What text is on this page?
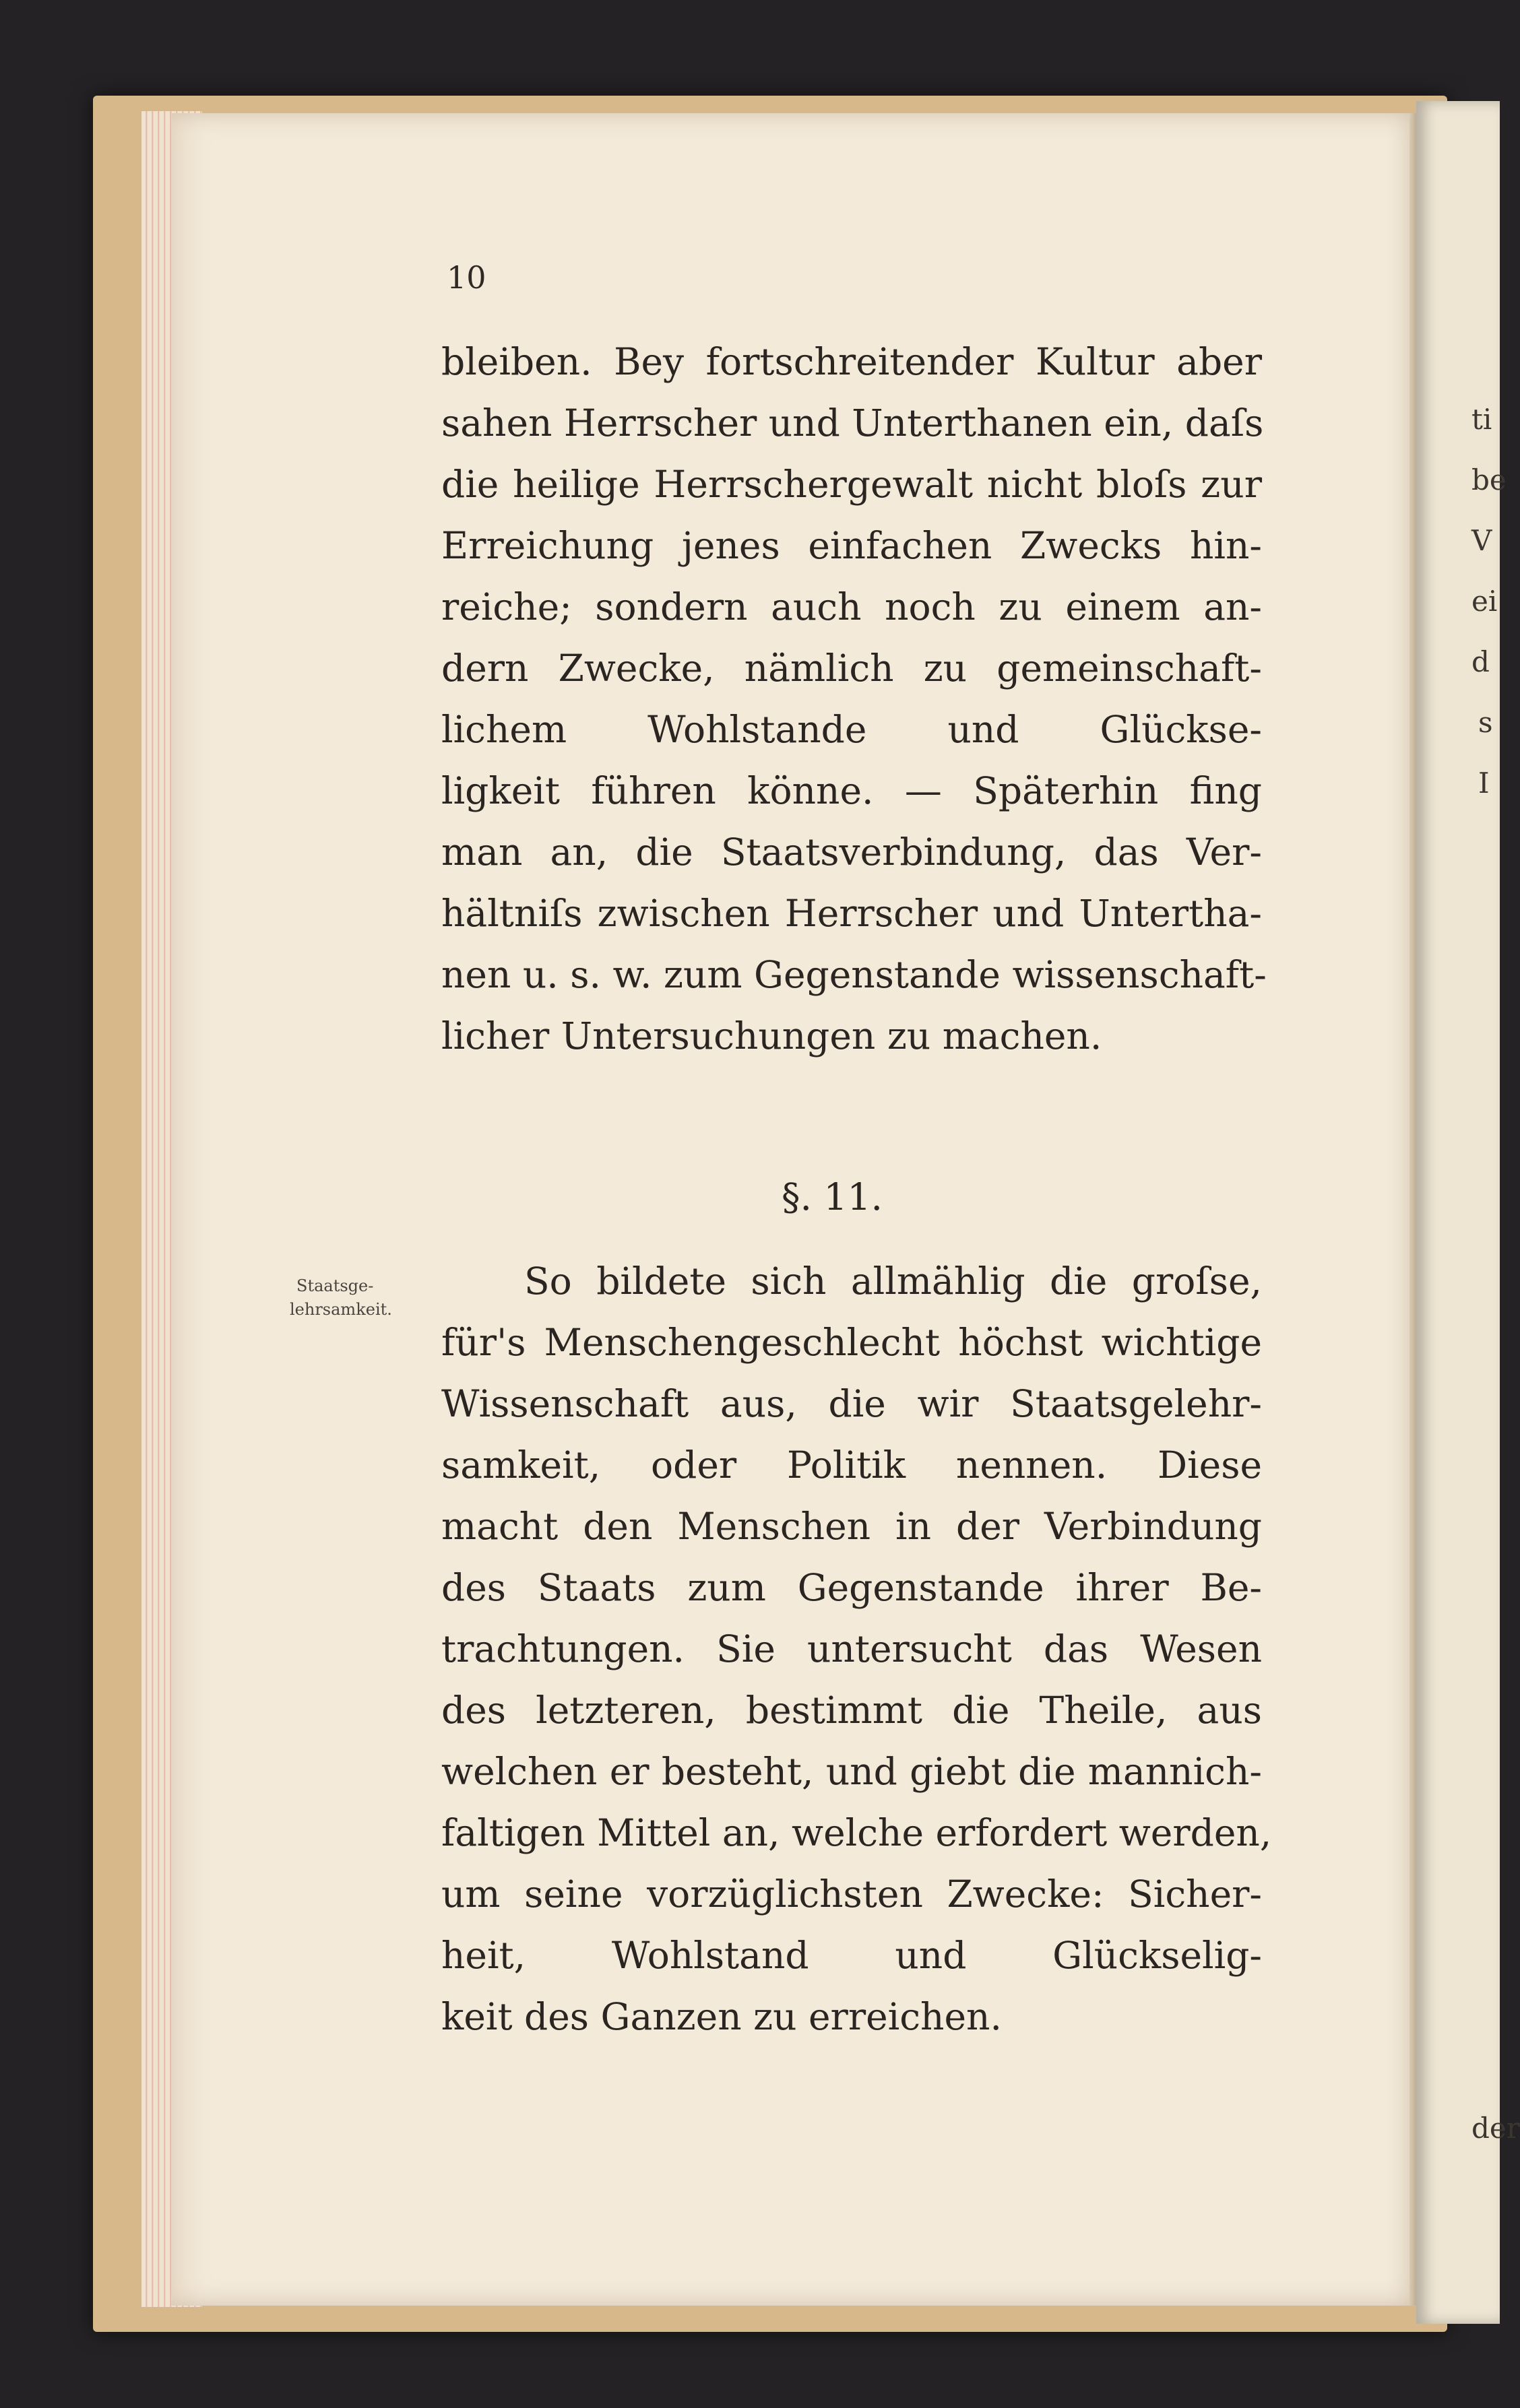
ti
be
V
ei
d
s
I
der
10
bleiben. Bey fortschreitender Kultur aber
sahen Herrscher und Unterthanen ein, daſs
die heilige Herrschergewalt nicht bloſs zur
Erreichung jenes einfachen Zwecks hin-
reiche; sondern auch noch zu einem an-
dern Zwecke, nämlich zu gemeinschaft-
lichem Wohlstande und Glückse-
ligkeit führen könne. — Späterhin fing
man an, die Staatsverbindung, das Ver-
hältniſs zwischen Herrscher und Untertha-
nen u. s. w. zum Gegenstande wissenschaft-
licher Untersuchungen zu machen.
§. 11.
Staatsge-
lehrsamkeit.
So bildete sich allmählig die groſse,
für's Menschengeschlecht höchst wichtige
Wissenschaft aus, die wir Staatsgelehr-
samkeit, oder Politik nennen. Diese
macht den Menschen in der Verbindung
des Staats zum Gegenstande ihrer Be-
trachtungen. Sie untersucht das Wesen
des letzteren, bestimmt die Theile, aus
welchen er besteht, und giebt die mannich-
faltigen Mittel an, welche erfordert werden,
um seine vorzüglichsten Zwecke: Sicher-
heit, Wohlstand und Glückselig-
keit des Ganzen zu erreichen.
